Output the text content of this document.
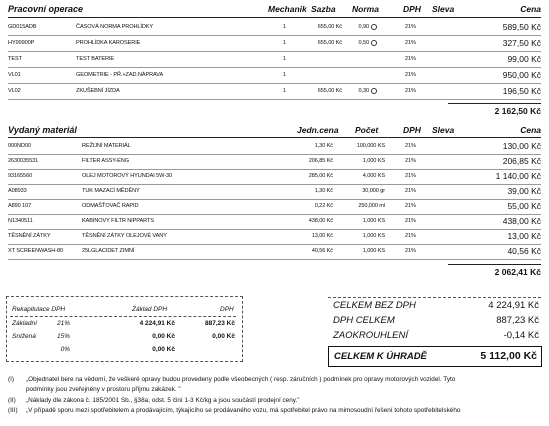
Pracovní operace	Mechanik Sazba Norma	DPH Sleva	Cena
GD015ADB	ČASOVÁ NORMA PROHLÍDKY	1	655,00 Kč	0,90	21%	589,50 Kč
HY99900P	PROHLÍDKA KAROSERIE	1	655,00 Kč	0,50	21%	327,50 Kč
TEST	TEST BATERIE	1	21%	99,00 Kč
VL01	GEOMETRIE - PŘ.+ZAD.NÁPRAVA	1	21%	950,00 Kč
VL02	ZKUŠEBNÍ JÍZDA	1	655,00 Kč	0,30	21%	196,50 Kč
2 162,50 Kč
Vydaný materiál	Jedn.cena Počet	DPH Sleva	Cena
000ND00	REŽIJNÍ MATERIÁL	1,30 Kč	100,000 KS	21%	130,00 Kč
2630035531	FILTER ASSY-ENG	206,85 Kč	1,000 KS	21%	206,85 Kč
93165560	OLEJ MOTOROVÝ HYUNDAI 5W-30	285,00 Kč	4,000 KS	21%	1 140,00 Kč
A08933	TUK MAZACÍ MĚDĚNÝ	1,30 Kč	30,000 gr	21%	39,00 Kč
A890 107	ODMAŠŤOVAČ RAPID	0,22 Kč	250,000 ml	21%	55,00 Kč
N1340511	KABINOVY FILTR NIPPARTS	438,00 Kč	1,000 KS	21%	438,00 Kč
TĚSNĚNÍ ZÁTKY	TĚSNĚNÍ ZÁTKY OLEJOVÉ VANY	13,00 Kč	1,000 KS	21%	13,00 Kč
XT SCREENWASH-80	25LGLACIDET ZIMNÍ	40,56 Kč	1,000 KS	21%	40,56 Kč
2 062,41 Kč
Rekapitulace DPH	Základ DPH	DPH
Základní	21%	4 224,91 Kč	887,23 Kč
Snížená	15%	0,00 Kč	0,00 Kč
0%	0,00 Kč
CELKEM BEZ DPH	4 224,91 Kč
DPH CELKEM	887,23 Kč
ZAOKROUHLENÍ	-0,14 Kč
CELKEM K ÚHRADĚ	5 112,00 Kč
(I) „Objednatel bere na vědomí, že veškeré opravy budou provedeny podle všeobecných ( resp. záručních ) podmínek pro opravy motorových vozidel. Tyto
podmínky jsou zveřejněny v prostoru příjmu zakázek. "
(II) „Náklady dle zákona č. 185/2001 Sb., §38a, odst. 5 činí 1-3 Kč/kg a jsou součástí prodejní ceny."
(III) „V případě sporu mezi spotřebitelem a prodávajícím, týkajícího se prodávaného vozu, má spotřebitel právo na mimosoudní řešení tohoto spotřebitelského
